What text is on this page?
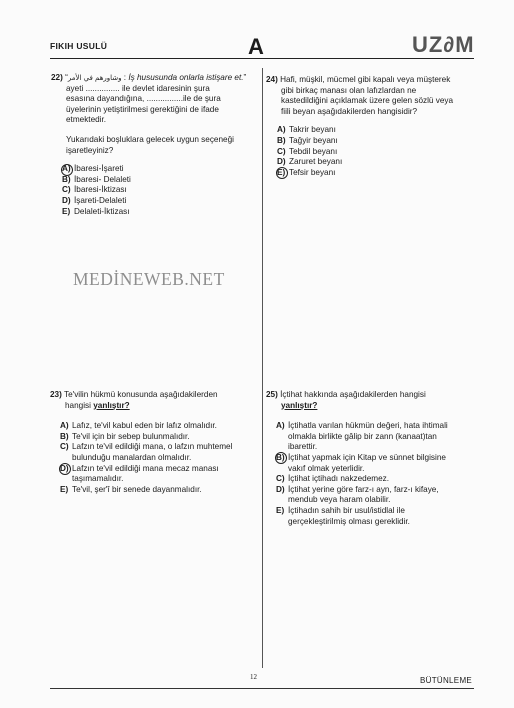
FIKIH USULÜ	A	UZ∂M
MEDİNEWEB.NET

22) “وشاورهم في الأمر : İş hususunda onlarla istişare et.”

ayeti ............... ile devlet idaresinin şura

esasına dayandığına, ................ile de şura

üyelerinin yetiştirilmesi gerektiğini de ifade

etmektedir.

Yukarıdaki boşluklara gelecek uygun seçeneği

işaretleyiniz?

A) İbaresi-İşareti
B) İbaresi- Delaleti
C) İbaresi-İktizası
D) İşareti-Delaleti
E) Delaleti-İktizası

24) Hafi, müşkil, mücmel gibi kapalı veya müşterek

gibi birkaç manası olan lafızlardan ne

kastedildiğini açıklamak üzere gelen sözlü veya

fiili beyan aşağıdakilerden hangisidir?

A) Takrir beyanı
B) Tağyir beyanı
C) Tebdil beyanı
D) Zaruret beyanı
E) Tefsir beyanı

23) Te'vilin hükmü konusunda aşağıdakilerden

hangisi yanlıştır?

A) Lafız, te'vil kabul eden bir lafız olmalıdır.
B) Te'vil için bir sebep bulunmalıdır.
C) Lafzın te'vil edildiği mana, o lafzın muhtemel
bulunduğu manalardan olmalıdır.
D) Lafzın te'vil edildiği mana mecaz manası
taşımamalıdır.
E) Te'vil, şer'î bir senede dayanmalıdır.

25) İçtihat hakkında aşağıdakilerden hangisi

yanlıştır?

A) İçtihatla varılan hükmün değeri, hata ihtimali
olmakla birlikte gâlip bir zann (kanaat)tan
ibarettir.
B) İçtihat yapmak için Kitap ve sünnet bilgisine
vakıf olmak yeterlidir.
C) İçtihat içtihadı nakzedemez.
D) İçtihat yerine göre farz-ı ayn, farz-ı kifaye,
mendub veya haram olabilir.
E) İçtihadın sahih bir usul/istidlal ile
gerçekleştirilmiş olması gereklidir.
12	BÜTÜNLEME
